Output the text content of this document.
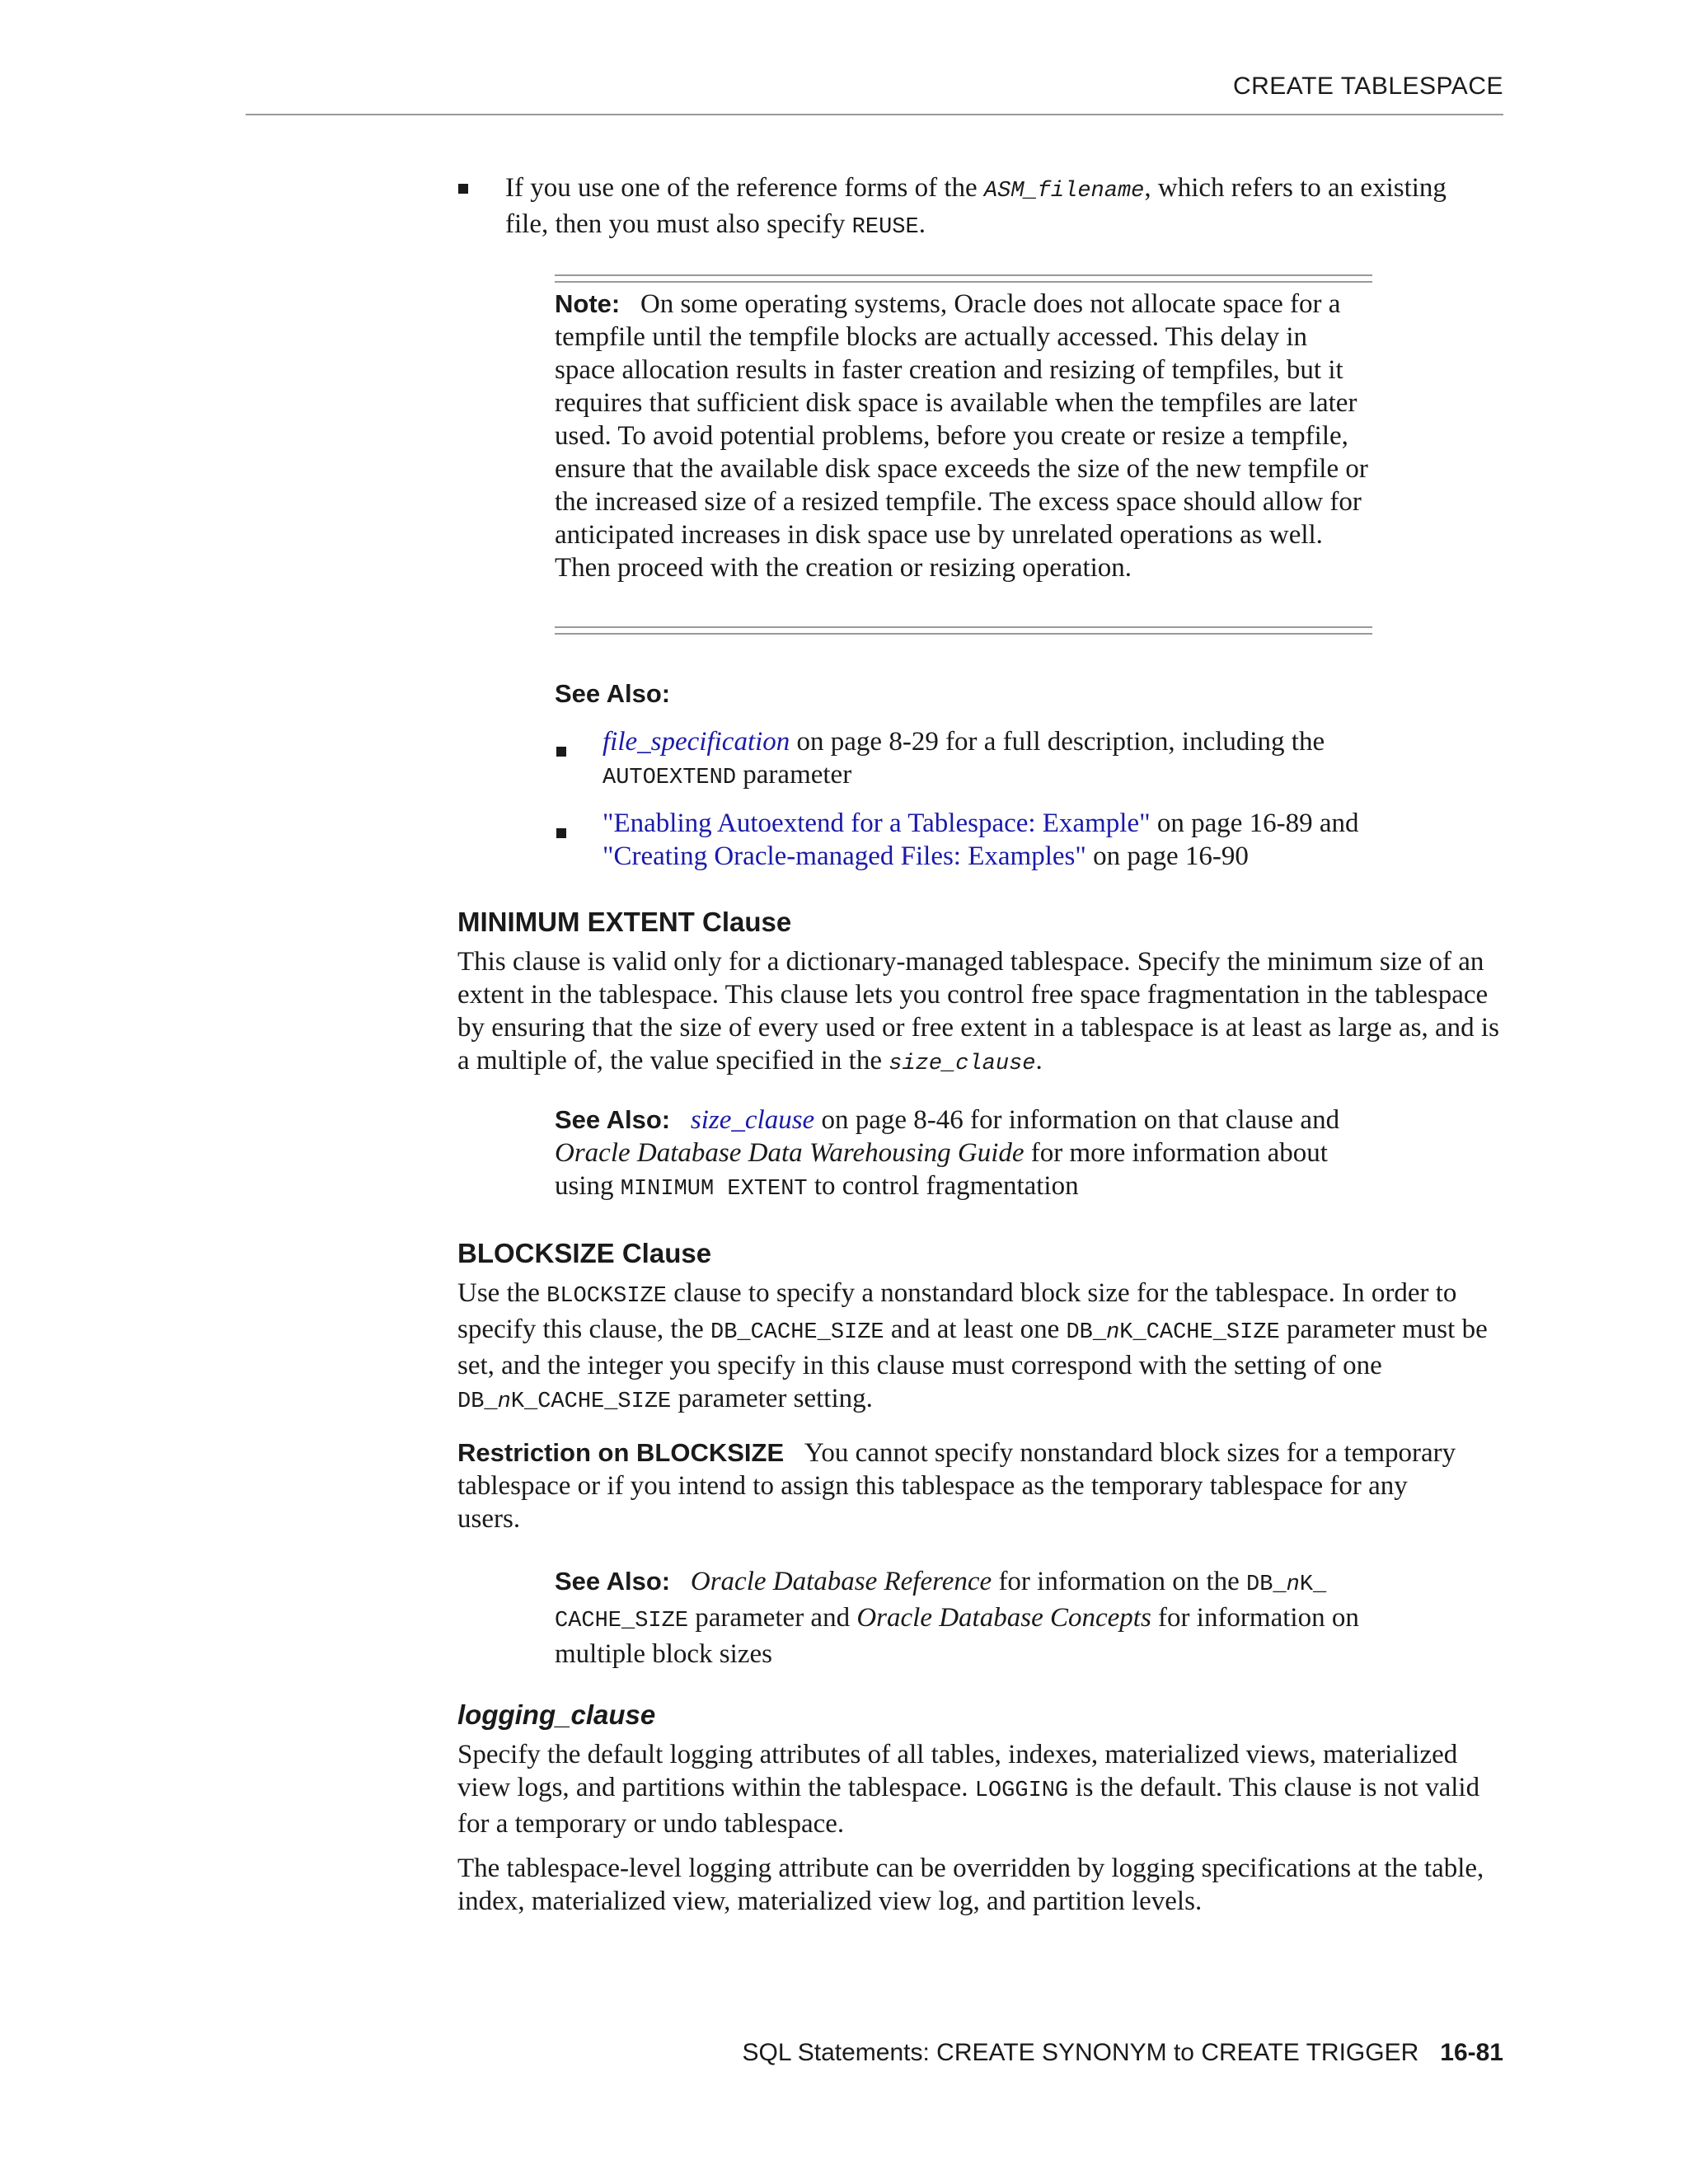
CREATE TABLESPACE
If you use one of the reference forms of the ASM_filename, which refers to an existing file, then you must also specify REUSE.
Note: On some operating systems, Oracle does not allocate space for a tempfile until the tempfile blocks are actually accessed. This delay in space allocation results in faster creation and resizing of tempfiles, but it requires that sufficient disk space is available when the tempfiles are later used. To avoid potential problems, before you create or resize a tempfile, ensure that the available disk space exceeds the size of the new tempfile or the increased size of a resized tempfile. The excess space should allow for anticipated increases in disk space use by unrelated operations as well. Then proceed with the creation or resizing operation.
See Also:
file_specification on page 8-29 for a full description, including the AUTOEXTEND parameter
"Enabling Autoextend for a Tablespace: Example" on page 16-89 and "Creating Oracle-managed Files: Examples" on page 16-90
MINIMUM EXTENT Clause
This clause is valid only for a dictionary-managed tablespace. Specify the minimum size of an extent in the tablespace. This clause lets you control free space fragmentation in the tablespace by ensuring that the size of every used or free extent in a tablespace is at least as large as, and is a multiple of, the value specified in the size_clause.
See Also: size_clause on page 8-46 for information on that clause and Oracle Database Data Warehousing Guide for more information about using MINIMUM EXTENT to control fragmentation
BLOCKSIZE Clause
Use the BLOCKSIZE clause to specify a nonstandard block size for the tablespace. In order to specify this clause, the DB_CACHE_SIZE and at least one DB_nK_CACHE_SIZE parameter must be set, and the integer you specify in this clause must correspond with the setting of one DB_nK_CACHE_SIZE parameter setting.
Restriction on BLOCKSIZE You cannot specify nonstandard block sizes for a temporary tablespace or if you intend to assign this tablespace as the temporary tablespace for any users.
See Also: Oracle Database Reference for information on the DB_nK_ CACHE_SIZE parameter and Oracle Database Concepts for information on multiple block sizes
logging_clause
Specify the default logging attributes of all tables, indexes, materialized views, materialized view logs, and partitions within the tablespace. LOGGING is the default. This clause is not valid for a temporary or undo tablespace.
The tablespace-level logging attribute can be overridden by logging specifications at the table, index, materialized view, materialized view log, and partition levels.
SQL Statements: CREATE SYNONYM to CREATE TRIGGER 16-81
